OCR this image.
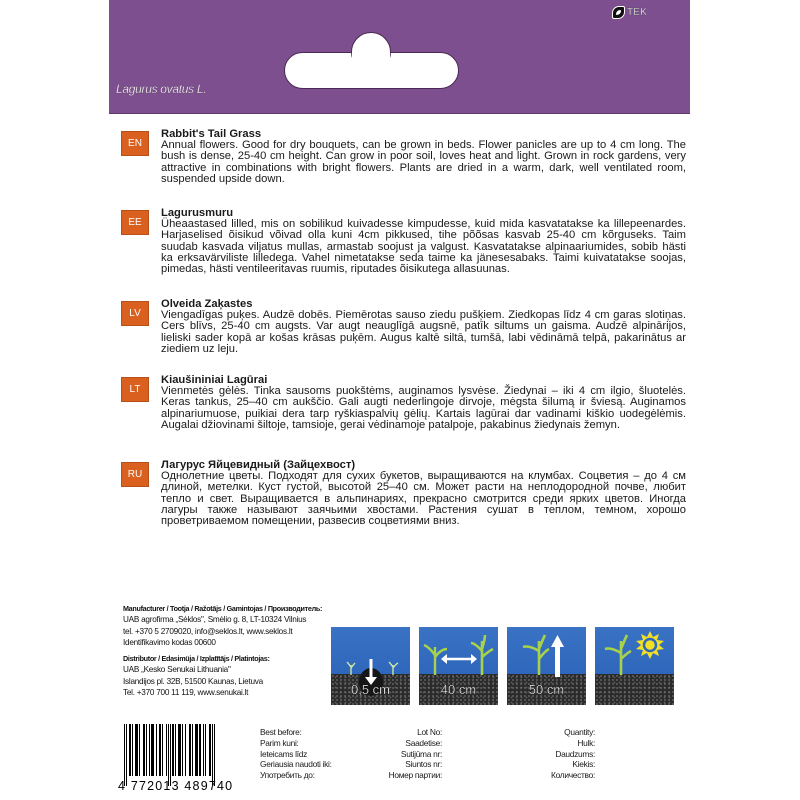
Lagurus ovatus L.
TEK
EN
Rabbit's Tail Grass
Annual flowers. Good for dry bouquets, can be grown in beds. Flower panicles are up to 4 cm long. The bush is dense, 25-40 cm height. Can grow in poor soil, loves heat and light. Grown in rock gardens, very attractive in combinations with bright flowers. Plants are dried in a warm, dark, well ventilated room, suspended upside down.
EE
Lagurusmuru
Üheaastased lilled, mis on sobilikud kuivadesse kimpudesse, kuid mida kasvatatakse ka lillepeenardes. Harjaselised õisikud võivad olla kuni 4cm pikkused, tihe põõsas kasvab 25-40 cm kõrguseks. Taim suudab kasvada viljatus mullas, armastab soojust ja valgust. Kasvatatakse alpinaariumides, sobib hästi ka erksavärviliste lilledega. Vahel nimetatakse seda taime ka jänesesabaks. Taimi kuivatatakse soojas, pimedas, hästi ventileeritavas ruumis, riputades õisikutega allasuunas.
LV
Olveida Zaķastes
Viengadīgas puķes. Audzē dobēs. Piemērotas sauso ziedu pušķiem. Ziedkopas līdz 4 cm garas slotiņas. Cers blīvs, 25-40 cm augsts. Var augt neauglīgā augsnē, patīk siltums un gaisma. Audzē alpinārijos, lieliski sader kopā ar košas krāsas puķēm. Augus kaltē siltā, tumšā, labi vēdināmā telpā, pakarinātus ar ziediem uz leju.
LT
Kiaušininiai Lagūrai
Vienmetės gėlės. Tinka sausoms puokštėms, auginamos lysvėse. Žiedynai – iki 4 cm ilgio, šluotelės. Keras tankus, 25–40 cm aukščio. Gali augti nederlingoje dirvoje, mėgsta šilumą ir šviesą. Auginamos alpinariumuose, puikiai dera tarp ryškiaspalvių gėlių. Kartais lagūrai dar vadinami kiškio uodegėlėmis. Augalai džiovinami šiltoje, tamsioje, gerai vėdinamoje patalpoje, pakabinus žiedynais žemyn.
RU
Лагурус Яйцевидный (Зайцехвост)
Однолетние цветы. Подходят для сухих букетов, выращиваются на клумбах. Соцветия – до 4 см длиной, метелки. Куст густой, высотой 25–40 см. Может расти на неплодородной почве, любит тепло и свет. Выращивается в альпинариях, прекрасно смотрится среди ярких цветов. Иногда лагуры также называют заячьими хвостами. Растения сушат в теплом, темном, хорошо проветриваемом помещении, развесив соцветиями вниз.
Manufacturer / Tootja / Ražotājs / Gamintojas / Производитель:
UAB agrofirma „Sėklos", Smėlio g. 8, LT-10324 Vilnius
tel. +370 5 2709020, info@seklos.lt, www.seklos.lt
Identifikavimo kodas 00600
Distributor / Edasimüja / Izplatītājs / Platintojas:
UAB „Kesko Senukai Lithuania"
Islandijos pl. 32B, 51500 Kaunas, Lietuva
Tel. +370 700 11 119, www.senukai.lt	0,5 cm	40 cm	50 cm
4 772013 489740
Best before:
Parim kuni:
Ieteicams līdz
Geriausia naudoti iki:
Употребить до:
Lot No:
Saadetise:
Sutijūma nr:
Siuntos nr:
Номер партии:
Quantity:
Hulk:
Daudzums:
Kiekis:
Количество:
